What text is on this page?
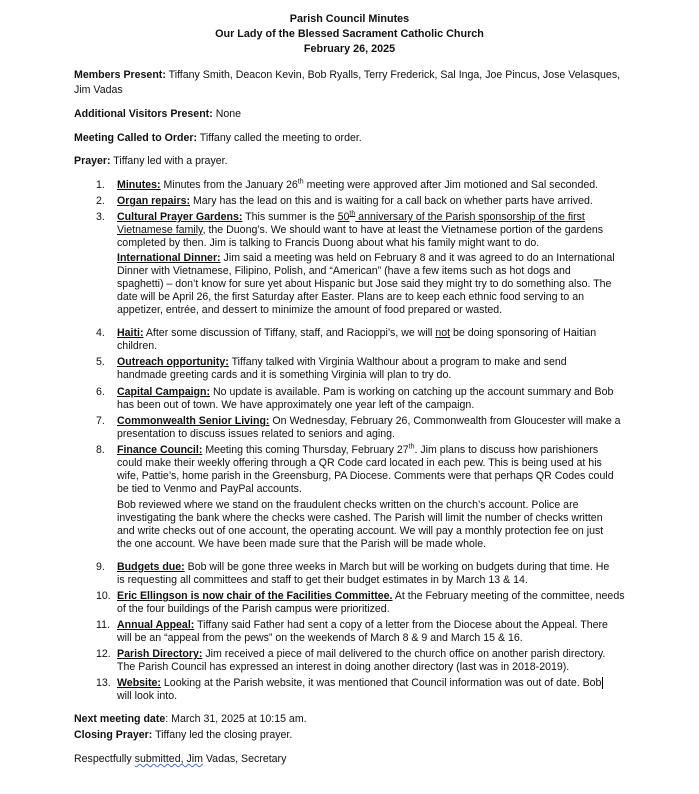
Parish Council Minutes
Our Lady of the Blessed Sacrament Catholic Church
February 26, 2025
Members Present: Tiffany Smith, Deacon Kevin, Bob Ryalls, Terry Frederick, Sal Inga, Joe Pincus, Jose Velasques,
Jim Vadas
Additional Visitors Present: None
Meeting Called to Order: Tiffany called the meeting to order.
Prayer: Tiffany led with a prayer.
1.	Minutes: Minutes from the January 26th meeting were approved after Jim motioned and Sal seconded.
2.	Organ repairs: Mary has the lead on this and is waiting for a call back on whether parts have arrived.
3.	Cultural Prayer Gardens: This summer is the 50th anniversary of the Parish sponsorship of the first
Vietnamese family, the Duong’s. We should want to have at least the Vietnamese portion of the gardens
completed by then. Jim is talking to Francis Duong about what his family might want to do.
International Dinner: Jim said a meeting was held on February 8 and it was agreed to do an International
Dinner with Vietnamese, Filipino, Polish, and “American” (have a few items such as hot dogs and
spaghetti) – don’t know for sure yet about Hispanic but Jose said they might try to do something also. The
date will be April 26, the first Saturday after Easter. Plans are to keep each ethnic food serving to an
appetizer, entrée, and dessert to minimize the amount of food prepared or wasted.
4.	Haiti: After some discussion of Tiffany, staff, and Racioppi’s, we will not be doing sponsoring of Haitian
children.
5.	Outreach opportunity: Tiffany talked with Virginia Walthour about a program to make and send
handmade greeting cards and it is something Virginia will plan to try do.
6.	Capital Campaign: No update is available. Pam is working on catching up the account summary and Bob
has been out of town. We have approximately one year left of the campaign.
7.	Commonwealth Senior Living: On Wednesday, February 26, Commonwealth from Gloucester will make a
presentation to discuss issues related to seniors and aging.
8.	Finance Council: Meeting this coming Thursday, February 27th. Jim plans to discuss how parishioners
could make their weekly offering through a QR Code card located in each pew. This is being used at his
wife, Pattie’s, home parish in the Greensburg, PA Diocese. Comments were that perhaps QR Codes could
be tied to Venmo and PayPal accounts.
Bob reviewed where we stand on the fraudulent checks written on the church’s account. Police are
investigating the bank where the checks were cashed. The Parish will limit the number of checks written
and write checks out of one account, the operating account. We will pay a monthly protection fee on just
the one account. We have been made sure that the Parish will be made whole.
9.	Budgets due: Bob will be gone three weeks in March but will be working on budgets during that time. He
is requesting all committees and staff to get their budget estimates in by March 13 & 14.
10. Eric Ellingson is now chair of the Facilities Committee. At the February meeting of the committee, needs
of the four buildings of the Parish campus were prioritized.
11. Annual Appeal: Tiffany said Father had sent a copy of a letter from the Diocese about the Appeal. There
will be an “appeal from the pews” on the weekends of March 8 & 9 and March 15 & 16.
12. Parish Directory: Jim received a piece of mail delivered to the church office on another parish directory.
The Parish Council has expressed an interest in doing another directory (last was in 2018-2019).
13. Website: Looking at the Parish website, it was mentioned that Council information was out of date. Bob
will look into.
Next meeting date: March 31, 2025 at 10:15 am.
Closing Prayer: Tiffany led the closing prayer.
Respectfully submitted, Jim Vadas, Secretary
